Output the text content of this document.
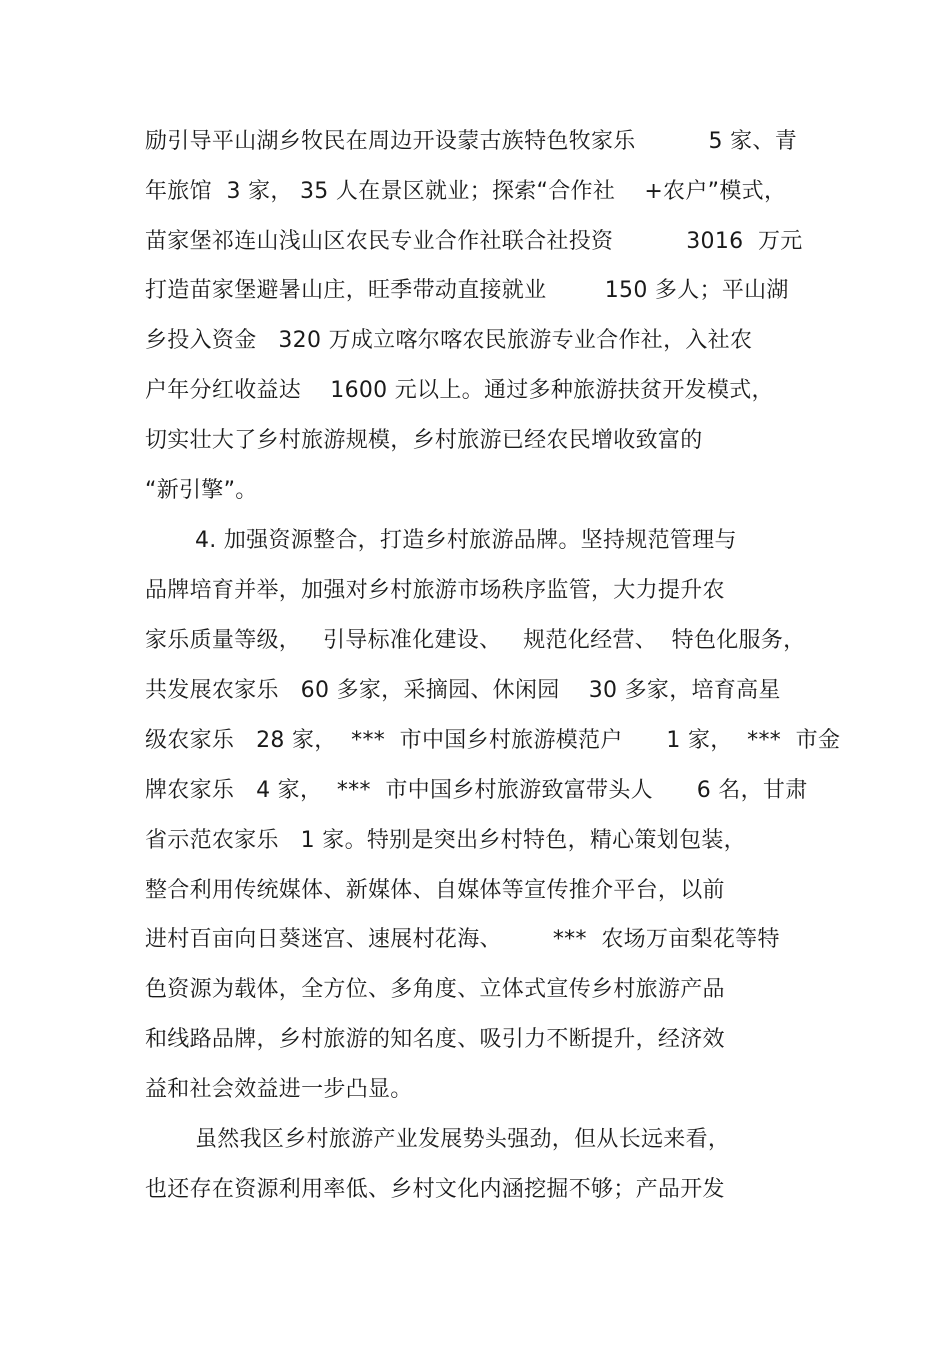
励引导平山湖乡牧民在周边开设蒙古族特色牧家乐          5 家、青

年旅馆  3 家， 35 人在景区就业；探索“合作社    +农户”模式，

苗家堡祁连山浅山区农民专业合作社联合社投资          3016  万元

打造苗家堡避暑山庄，旺季带动直接就业        150 多人；平山湖

乡投入资金   320 万成立喀尔喀农民旅游专业合作社，入社农

户年分红收益达    1600 元以上。通过多种旅游扶贫开发模式，

切实壮大了乡村旅游规模，乡村旅游已经农民增收致富的

“新引擎”。

4. 加强资源整合，打造乡村旅游品牌。坚持规范管理与

品牌培育并举，加强对乡村旅游市场秩序监管，大力提升农

家乐质量等级，   引导标准化建设、   规范化经营、  特色化服务，

共发展农家乐   60 多家，采摘园、休闲园    30 多家，培育高星

级农家乐   28 家，  ***  市中国乡村旅游模范户      1 家，  ***  市金

牌农家乐   4 家，  ***  市中国乡村旅游致富带头人      6 名，甘肃

省示范农家乐   1 家。特别是突出乡村特色，精心策划包装，

整合利用传统媒体、新媒体、自媒体等宣传推介平台，以前

进村百亩向日葵迷宫、速展村花海、       ***  农场万亩梨花等特

色资源为载体，全方位、多角度、立体式宣传乡村旅游产品

和线路品牌，乡村旅游的知名度、吸引力不断提升，经济效

益和社会效益进一步凸显。

虽然我区乡村旅游产业发展势头强劲，但从长远来看，

也还存在资源利用率低、乡村文化内涵挖掘不够；产品开发
